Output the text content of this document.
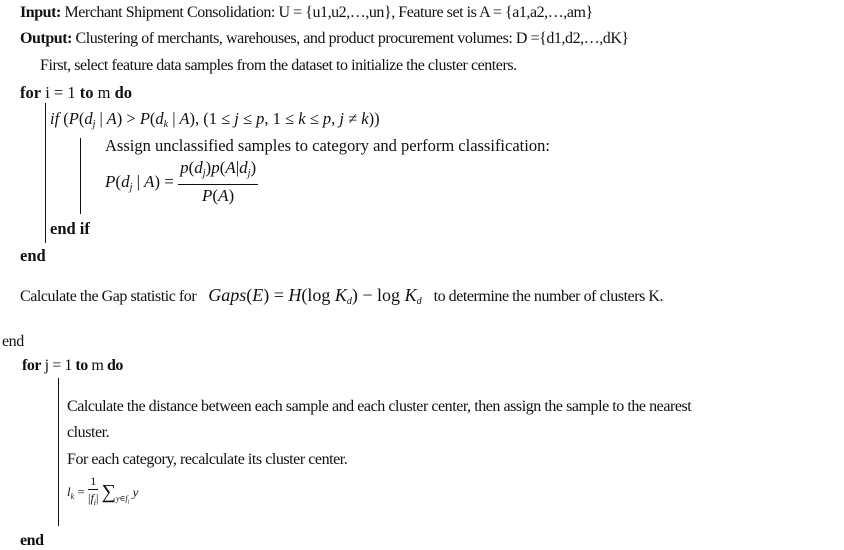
Input: Merchant Shipment Consolidation: U = {u1,u2,…,un}, Feature set is A = {a1,a2,…,am}
Output: Clustering of merchants, warehouses, and product procurement volumes: D ={d1,d2,…,dK}
First, select feature data samples from the dataset to initialize the cluster centers.
for i = 1 to m do
if ($P(d_j$ | $A) > P(d_k$ | A), (1 ≤ j ≤ p, 1 ≤ k ≤ p, j ≠ k))
Assign unclassified samples to category and perform classification:
$P(d_j$ | $A) = \frac{p(d_j)p(A|d_j)}{P(A)}$
end if
end
Calculate the Gap statistic for Gaps(E) = H(log $K_d) - \log K_d$ to determine the number of clusters K.
end
for j = 1 to m do
Calculate the distance between each sample and each cluster center, then assign the sample to the nearest
cluster.
For each category, recalculate its cluster center.
$l_k = \frac{1}{|f_i|} \sum_{y\in f_i}$ y
end
